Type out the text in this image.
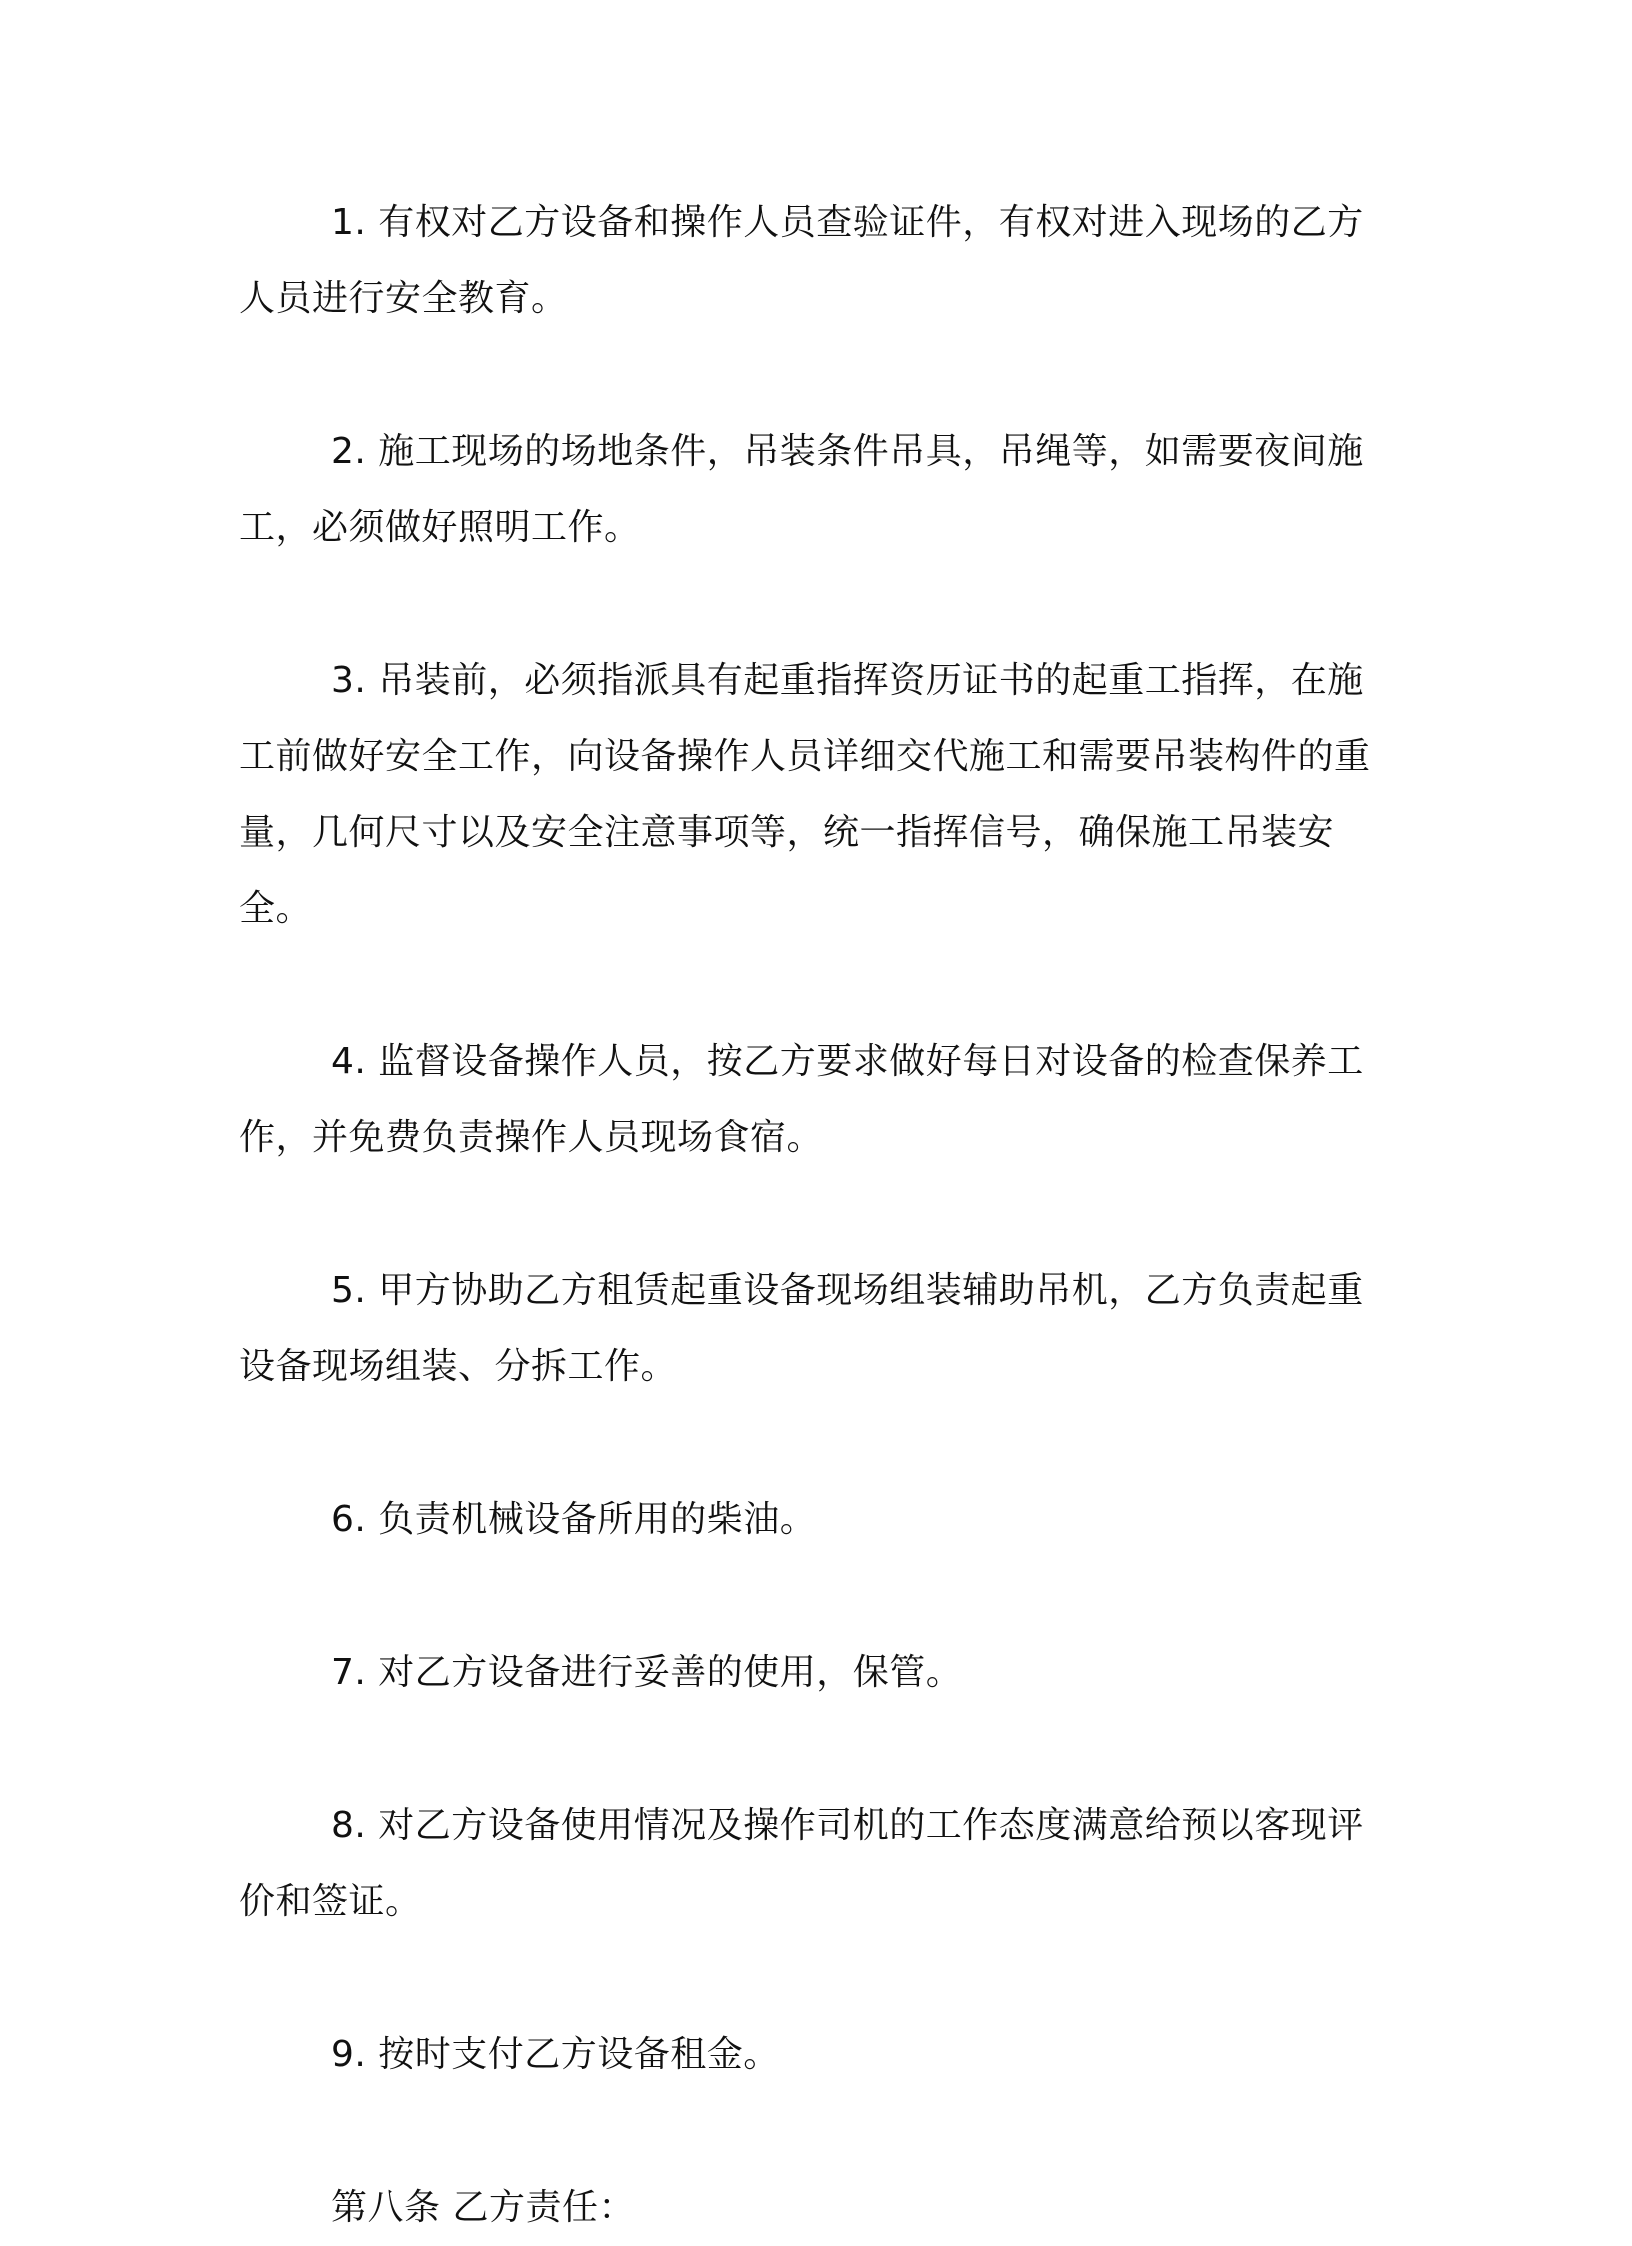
1. 有权对乙方设备和操作人员查验证件，有权对进入现场的乙方人员进行安全教育。

2. 施工现场的场地条件，吊装条件吊具，吊绳等，如需要夜间施工，必须做好照明工作。

3. 吊装前，必须指派具有起重指挥资历证书的起重工指挥，在施工前做好安全工作，向设备操作人员详细交代施工和需要吊装构件的重量，几何尺寸以及安全注意事项等，统一指挥信号，确保施工吊装安全。

4. 监督设备操作人员，按乙方要求做好每日对设备的检查保养工作，并免费负责操作人员现场食宿。

5. 甲方协助乙方租赁起重设备现场组装辅助吊机，乙方负责起重设备现场组装、分拆工作。

6. 负责机械设备所用的柴油。

7. 对乙方设备进行妥善的使用，保管。

8. 对乙方设备使用情况及操作司机的工作态度满意给预以客现评价和签证。

9. 按时支付乙方设备租金。

第八条 乙方责任：
